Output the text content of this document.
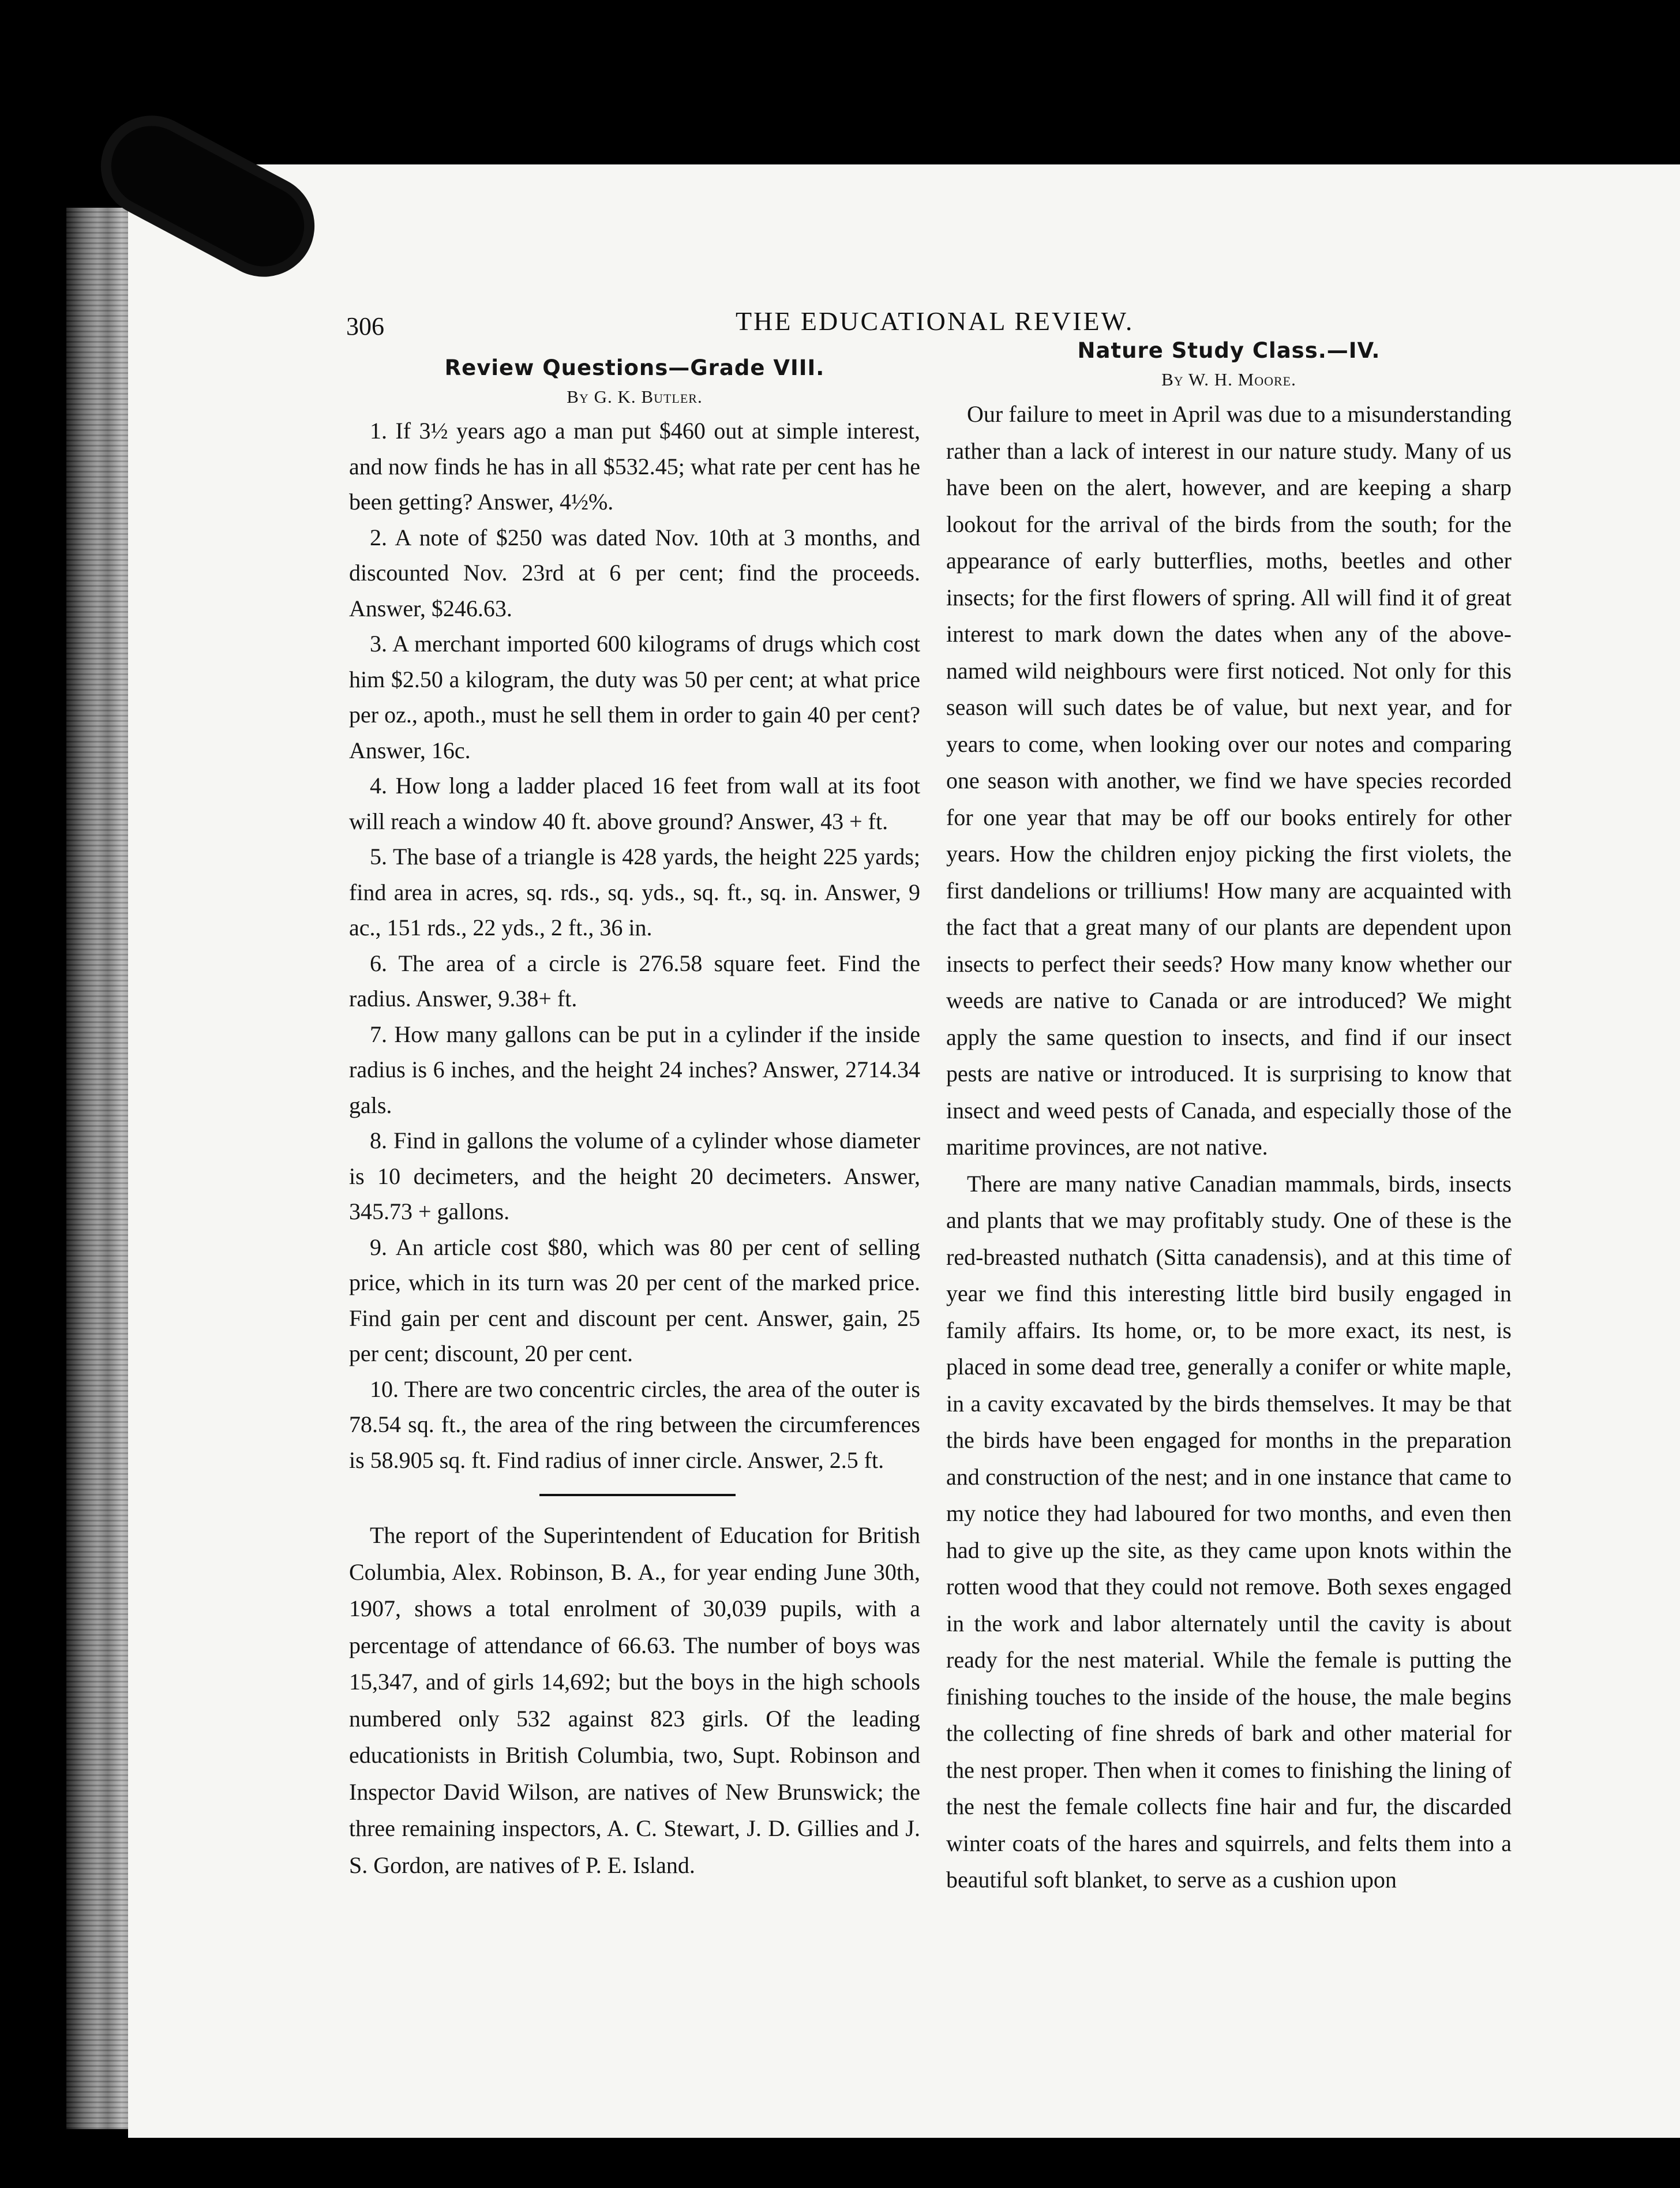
306	THE EDUCATIONAL REVIEW.
Review Questions—Grade VIII.

By G. K. Butler.

1. If 3½ years ago a man put $460 out at simple interest, and now finds he has in all $532.45; what rate per cent has he been getting? Answer, 4½%.

2. A note of $250 was dated Nov. 10th at 3 months, and discounted Nov. 23rd at 6 per cent; find the proceeds. Answer, $246.63.

3. A merchant imported 600 kilograms of drugs which cost him $2.50 a kilogram, the duty was 50 per cent; at what price per oz., apoth., must he sell them in order to gain 40 per cent? Answer, 16c.

4. How long a ladder placed 16 feet from wall at its foot will reach a window 40 ft. above ground? Answer, 43 + ft.

5. The base of a triangle is 428 yards, the height 225 yards; find area in acres, sq. rds., sq. yds., sq. ft., sq. in. Answer, 9 ac., 151 rds., 22 yds., 2 ft., 36 in.

6. The area of a circle is 276.58 square feet. Find the radius. Answer, 9.38+ ft.

7. How many gallons can be put in a cylinder if the inside radius is 6 inches, and the height 24 inches? Answer, 2714.34 gals.

8. Find in gallons the volume of a cylinder whose diameter is 10 decimeters, and the height 20 decimeters. Answer, 345.73 + gallons.

9. An article cost $80, which was 80 per cent of selling price, which in its turn was 20 per cent of the marked price. Find gain per cent and discount per cent. Answer, gain, 25 per cent; discount, 20 per cent.

10. There are two concentric circles, the area of the outer is 78.54 sq. ft., the area of the ring between the circumferences is 58.905 sq. ft. Find radius of inner circle. Answer, 2.5 ft.

The report of the Superintendent of Education for British Columbia, Alex. Robinson, B. A., for year ending June 30th, 1907, shows a total enrolment of 30,039 pupils, with a percentage of attendance of 66.63. The number of boys was 15,347, and of girls 14,692; but the boys in the high schools numbered only 532 against 823 girls. Of the leading educationists in British Columbia, two, Supt. Robinson and Inspector David Wilson, are natives of New Brunswick; the three remaining inspectors, A. C. Stewart, J. D. Gillies and J. S. Gordon, are natives of P. E. Island.

Nature Study Class.—IV.

By W. H. Moore.

Our failure to meet in April was due to a misunderstanding rather than a lack of interest in our nature study. Many of us have been on the alert, however, and are keeping a sharp lookout for the arrival of the birds from the south; for the appearance of early butterflies, moths, beetles and other insects; for the first flowers of spring. All will find it of great interest to mark down the dates when any of the above-named wild neighbours were first noticed. Not only for this season will such dates be of value, but next year, and for years to come, when looking over our notes and comparing one season with another, we find we have species recorded for one year that may be off our books entirely for other years. How the children enjoy picking the first violets, the first dandelions or trilliums! How many are acquainted with the fact that a great many of our plants are dependent upon insects to perfect their seeds? How many know whether our weeds are native to Canada or are introduced? We might apply the same question to insects, and find if our insect pests are native or introduced. It is surprising to know that insect and weed pests of Canada, and especially those of the maritime provinces, are not native.

There are many native Canadian mammals, birds, insects and plants that we may profitably study. One of these is the red-breasted nuthatch (Sitta canadensis), and at this time of year we find this interesting little bird busily engaged in family affairs. Its home, or, to be more exact, its nest, is placed in some dead tree, generally a conifer or white maple, in a cavity excavated by the birds themselves. It may be that the birds have been engaged for months in the preparation and construction of the nest; and in one instance that came to my notice they had laboured for two months, and even then had to give up the site, as they came upon knots within the rotten wood that they could not remove. Both sexes engaged in the work and labor alternately until the cavity is about ready for the nest material. While the female is putting the finishing touches to the inside of the house, the male begins the collecting of fine shreds of bark and other material for the nest proper. Then when it comes to finishing the lining of the nest the female collects fine hair and fur, the discarded winter coats of the hares and squirrels, and felts them into a beautiful soft blanket, to serve as a cushion upon
